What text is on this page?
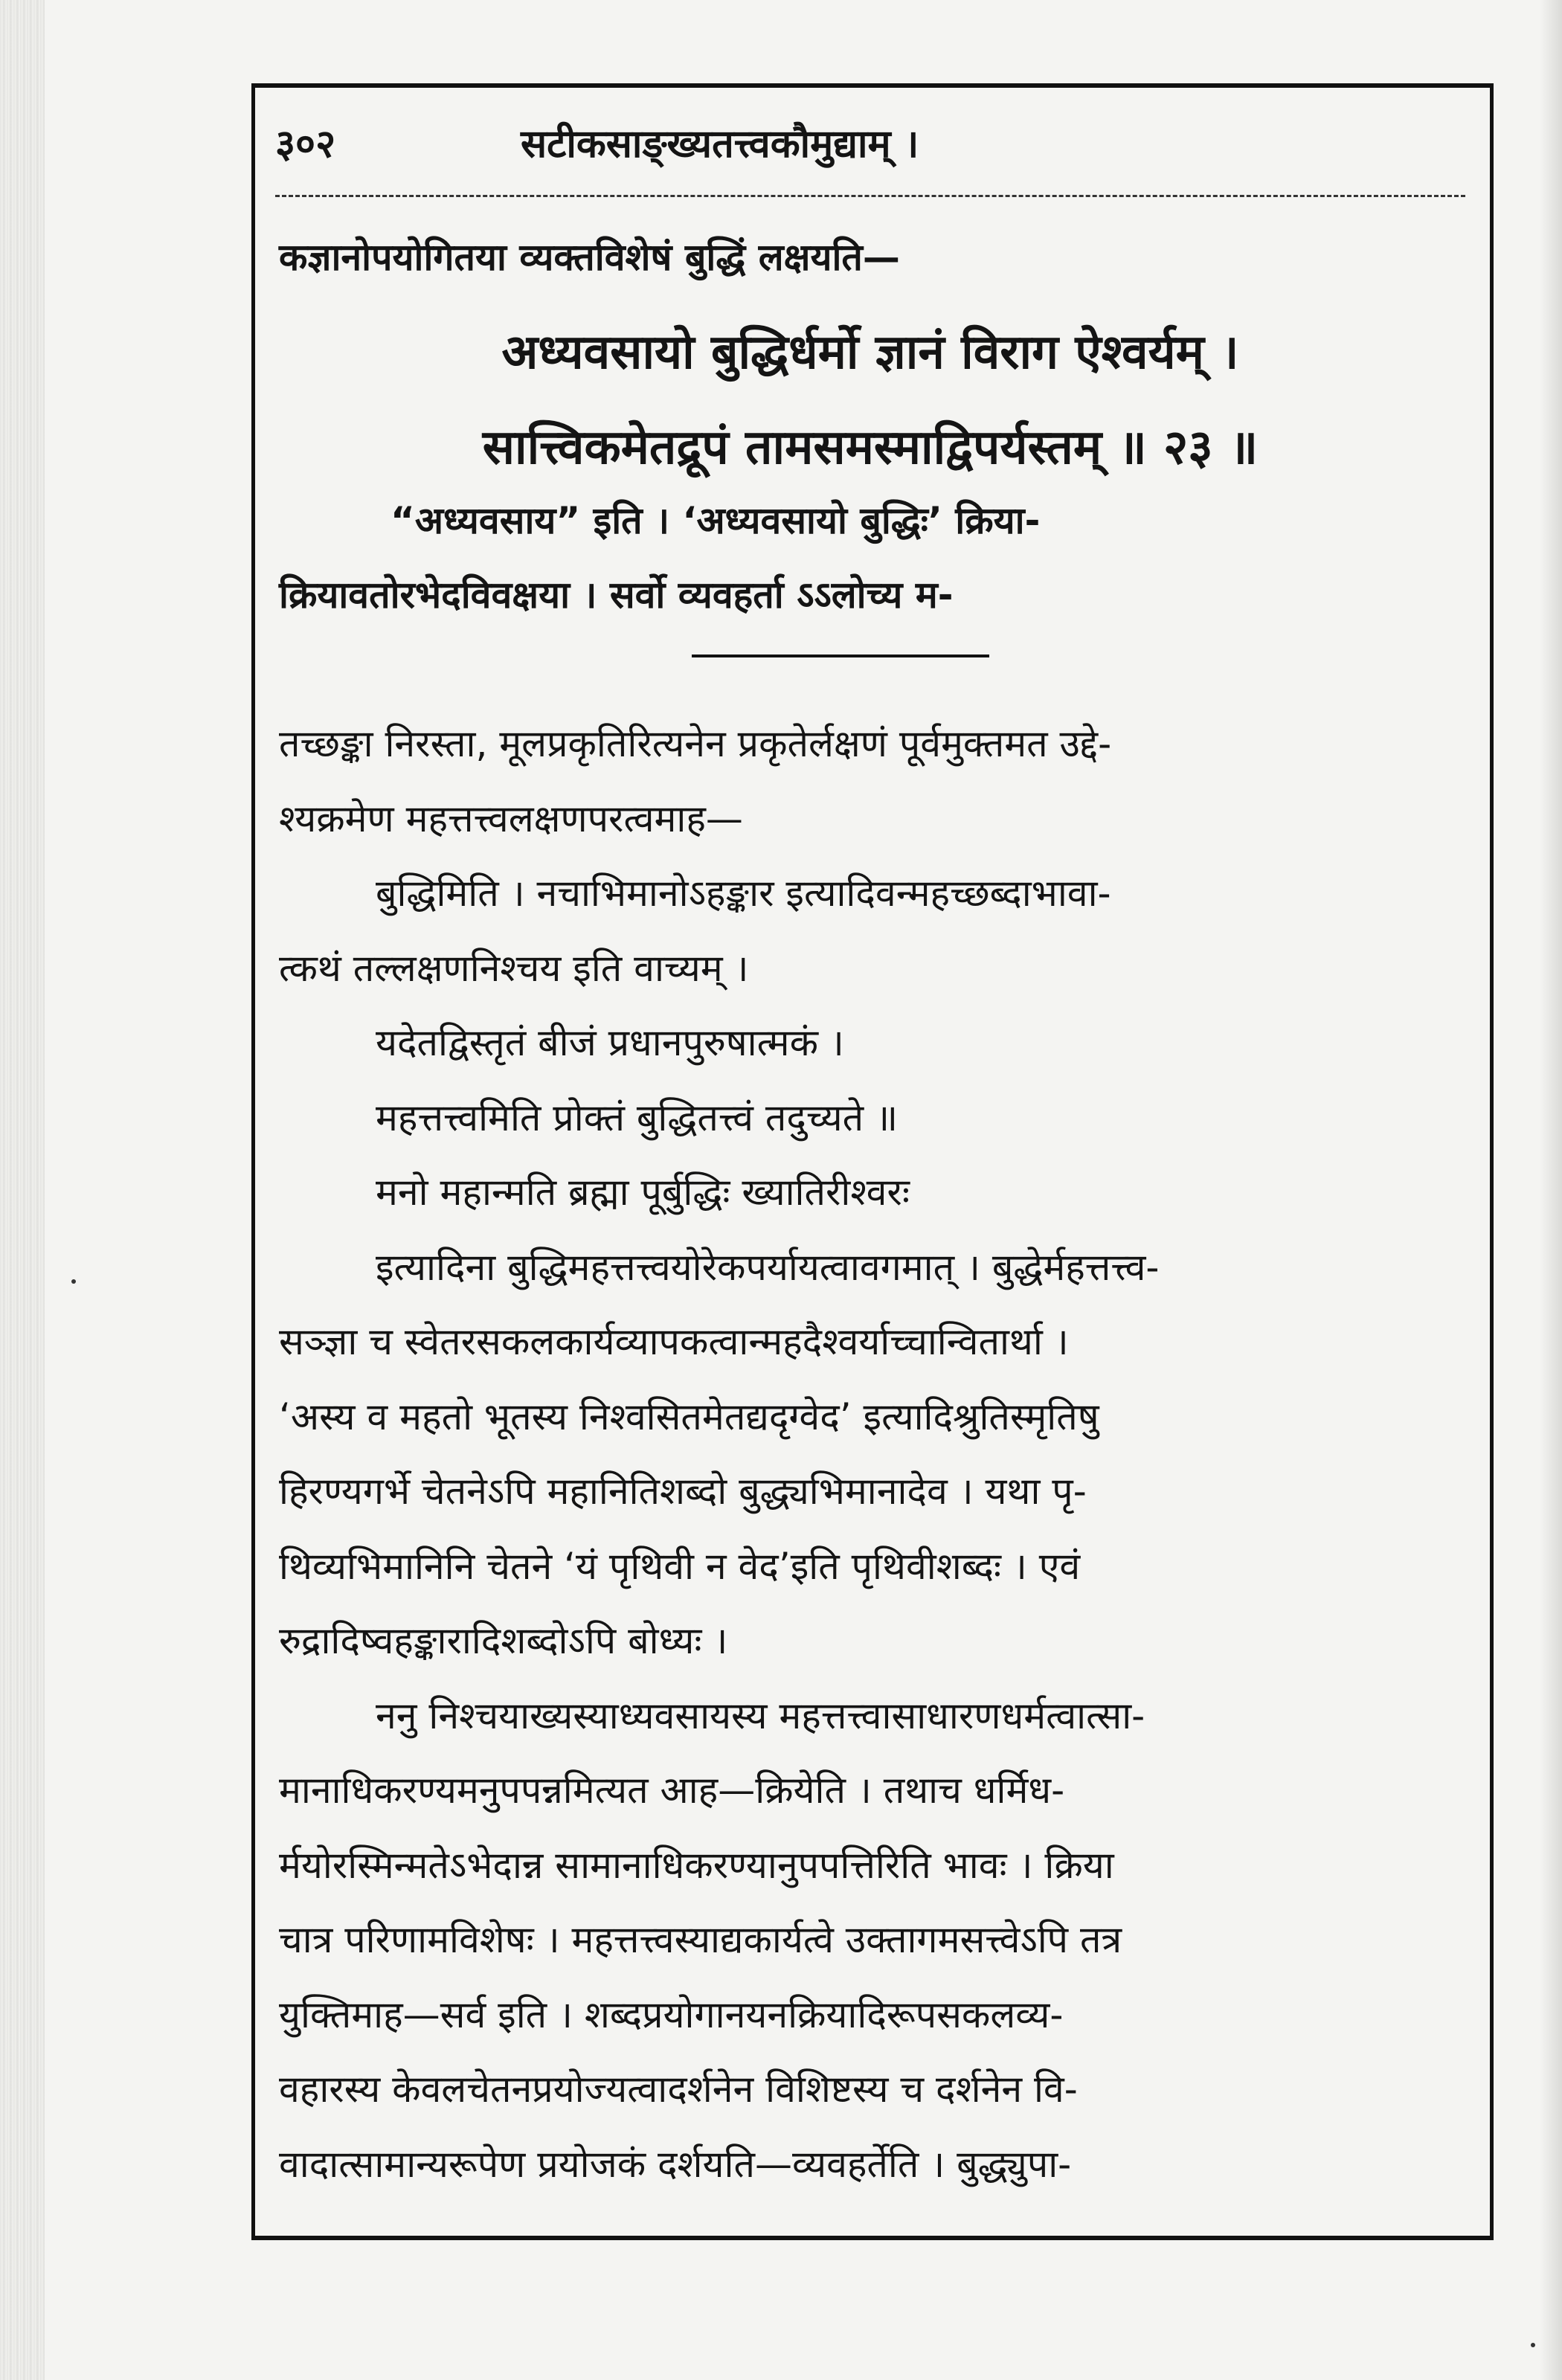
३०२	सटीकसाङ्ख्यतत्त्वकौमुद्याम् ।
कज्ञानोपयोगितया व्यक्तविशेषं बुद्धिं लक्षयति—
अध्यवसायो बुद्धिर्धर्मो ज्ञानं विराग ऐश्वर्यम् ।
सात्त्विकमेतद्रूपं तामसमस्माद्विपर्यस्तम् ॥ २३ ॥
“अध्यवसाय” इति । ‘अध्यवसायो बुद्धिः’ क्रिया-
क्रियावतोरभेदविवक्षया । सर्वो व्यवहर्ता ऽऽलोच्य म-
तच्छङ्का निरस्ता, मूलप्रकृतिरित्यनेन प्रकृतेर्लक्षणं पूर्वमुक्तमत उद्दे-
श्यक्रमेण महत्तत्त्वलक्षणपरत्वमाह—
बुद्धिमिति । नचाभिमानोऽहङ्कार इत्यादिवन्महच्छब्दाभावा-
त्कथं तल्लक्षणनिश्चय इति वाच्यम् ।
यदेतद्विस्तृतं बीजं प्रधानपुरुषात्मकं ।
महत्तत्त्वमिति प्रोक्तं बुद्धितत्त्वं तदुच्यते ॥
मनो महान्मति ब्रह्मा पूर्बुद्धिः ख्यातिरीश्वरः
इत्यादिना बुद्धिमहत्तत्त्वयोरेकपर्यायत्वावगमात् । बुद्धेर्महत्तत्त्व-
सञ्ज्ञा च स्वेतरसकलकार्यव्यापकत्वान्महदैश्वर्याच्चान्वितार्था ।
‘अस्य व महतो भूतस्य निश्वसितमेतद्यदृग्वेद’ इत्यादिश्रुतिस्मृतिषु
हिरण्यगर्भे चेतनेऽपि महानितिशब्दो बुद्ध्यभिमानादेव । यथा पृ-
थिव्यभिमानिनि चेतने ‘यं पृथिवी न वेद’इति पृथिवीशब्दः । एवं
रुद्रादिष्वहङ्कारादिशब्दोऽपि बोध्यः ।
ननु निश्चयाख्यस्याध्यवसायस्य महत्तत्त्वासाधारणधर्मत्वात्सा-
मानाधिकरण्यमनुपपन्नमित्यत आह—क्रियेति । तथाच धर्मिध-
र्मयोरस्मिन्मतेऽभेदान्न सामानाधिकरण्यानुपपत्तिरिति भावः । क्रिया
चात्र परिणामविशेषः । महत्तत्त्वस्याद्यकार्यत्वे उक्तागमसत्त्वेऽपि तत्र
युक्तिमाह—सर्व इति । शब्दप्रयोगानयनक्रियादिरूपसकलव्य-
वहारस्य केवलचेतनप्रयोज्यत्वादर्शनेन विशिष्टस्य च दर्शनेन वि-
वादात्सामान्यरूपेण प्रयोजकं दर्शयति—व्यवहर्तेति । बुद्ध्युपा-
